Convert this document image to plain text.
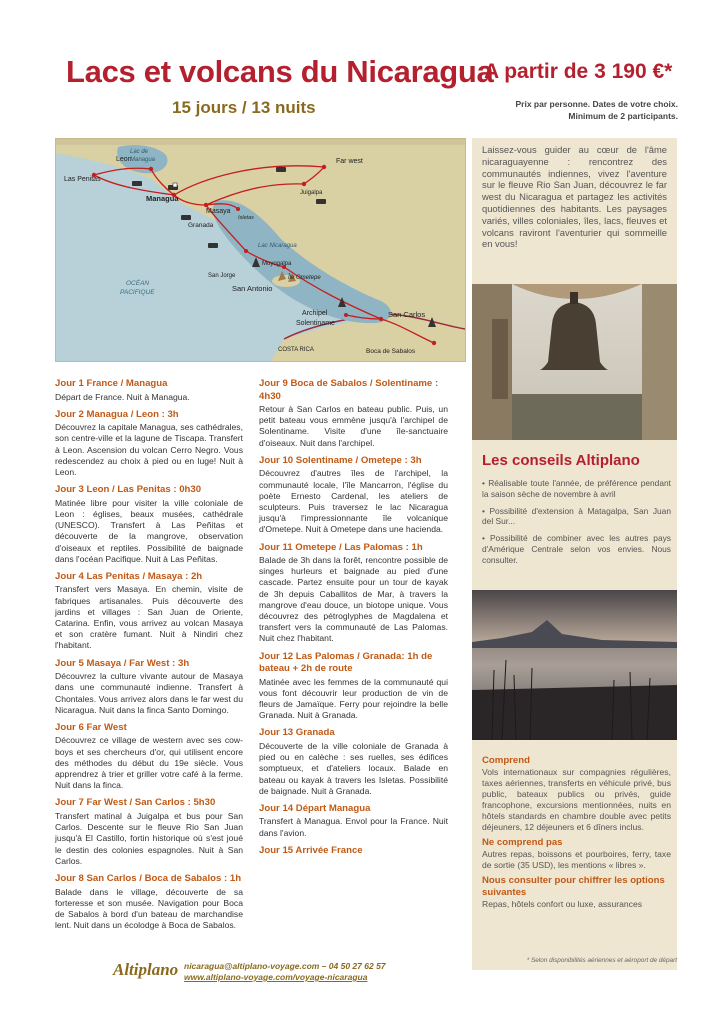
Lacs et volcans du Nicaragua
15 jours / 13 nuits
A partir de 3 190 €*
Prix par personne. Dates de votre choix.
Minimum de 2 participants.
Leon
Lac de
Managua	Far west
Las Penitas
Managua
Juigalpa
Masaya
Isletas
Granada
Lac Nicaragua
Moyogalpa
Île Ometepe
San Jorge
San Antonio
OCÉAN
PACIFIQUE
Archipel
Solentiname
San Carlos
COSTA RICA	Boca de Sabalos
Jour 1 France / Managua
Départ de France. Nuit à Managua.
Jour 2 Managua / Leon : 3h
Découvrez la capitale Managua, ses cathédrales, son centre-ville et la lagune de Tiscapa. Transfert à Leon. Ascension du volcan Cerro Negro. Vous redescendez au choix à pied ou en luge! Nuit à Leon.
Jour 3 Leon / Las Penitas : 0h30
Matinée libre pour visiter la ville coloniale de Leon : églises, beaux musées, cathédrale (UNESCO). Transfert à Las Peñitas et découverte de la mangrove, observation d'oiseaux et reptiles. Possibilité de baignade dans l'océan Pacifique. Nuit à Las Peñitas.
Jour 4 Las Penitas / Masaya : 2h
Transfert vers Masaya. En chemin, visite de fabriques artisanales. Puis découverte des jardins et villages : San Juan de Oriente, Catarina. Enfin, vous arrivez au volcan Masaya et son cratère fumant. Nuit à Nindiri chez l'habitant.
Jour 5 Masaya / Far West : 3h
Découvrez la culture vivante autour de Masaya dans une communauté indienne. Transfert à Chontales. Vous arrivez alors dans le far west du Nicaragua. Nuit dans la finca Santo Domingo.
Jour 6 Far West
Découvrez ce village de western avec ses cow-boys et ses chercheurs d'or, qui utilisent encore des méthodes du début du 19e siècle. Vous apprendrez à trier et griller votre café à la ferme. Nuit dans la finca.
Jour 7 Far West / San Carlos : 5h30
Transfert matinal à Juigalpa et bus pour San Carlos. Descente sur le fleuve Rio San Juan jusqu'à El Castillo, fortin historique où s'est joué le destin des colonies espagnoles. Nuit à San Carlos.
Jour 8 San Carlos / Boca de Sabalos : 1h
Balade dans le village, découverte de sa forteresse et son musée. Navigation pour Boca de Sabalos à bord d'un bateau de marchandise lent. Nuit dans un écolodge à Boca de Sabalos.
Jour 9 Boca de Sabalos / Solentiname : 4h30
Retour à San Carlos en bateau public. Puis, un petit bateau vous emmène jusqu'à l'archipel de Solentiname. Visite d'une île-sanctuaire d'oiseaux. Nuit dans l'archipel.
Jour 10 Solentiname / Ometepe : 3h
Découvrez d'autres îles de l'archipel, la communauté locale, l'île Mancarron, l'église du poète Ernesto Cardenal, les ateliers de sculpteurs. Puis traversez le lac Nicaragua jusqu'à l'impressionnante île volcanique d'Ometepe. Nuit à Ometepe dans une hacienda.
Jour 11 Ometepe / Las Palomas : 1h
Balade de 3h dans la forêt, rencontre possible de singes hurleurs et baignade au pied d'une cascade. Partez ensuite pour un tour de kayak de 3h depuis Caballitos de Mar, à travers la mangrove d'eau douce, un biotope unique. Vous découvrez des pétroglyphes de Magdalena et transfert vers la communauté de Las Palomas. Nuit chez l'habitant.
Jour 12 Las Palomas / Granada: 1h de bateau + 2h de route
Matinée avec les femmes de la communauté qui vous font découvrir leur production de vin de fleurs de Jamaïque. Ferry pour rejoindre la belle Granada. Nuit à Granada.
Jour 13 Granada
Découverte de la ville coloniale de Granada à pied ou en calèche : ses ruelles, ses édifices somptueux, et d'ateliers locaux. Balade en bateau ou kayak à travers les Isletas. Possibilité de baignade. Nuit à Granada.
Jour 14 Départ Managua
Transfert à Managua. Envol pour la France. Nuit dans l'avion.
Jour 15 Arrivée France
Laissez-vous guider au cœur de l'âme nicaraguayenne : rencontrez des communautés indiennes, vivez l'aventure sur le fleuve Rio San Juan, découvrez le far west du Nicaragua et partagez les activités quotidiennes des habitants. Les paysages variés, villes coloniales, îles, lacs, fleuves et volcans raviront l'aventurier qui sommeille en vous!
Les conseils Altiplano
• Réalisable toute l'année, de préférence pendant la saison sèche de novembre à avril
• Possibilité d'extension à Matagalpa, San Juan del Sur...
• Possibilité de combiner avec les autres pays d'Amérique Centrale selon vos envies. Nous consulter.
Comprend
Vols internationaux sur compagnies régulières, taxes aériennes, transferts en véhicule privé, bus public, bateaux publics ou privés, guide francophone, excursions mentionnées, nuits en hôtels standards en chambre double avec petits déjeuners, 12 déjeuners et 6 dîners inclus.
Ne comprend pas
Autres repas, boissons et pourboires, ferry, taxe de sortie (35 USD), les mentions « libres ».
Nous consulter pour chiffrer les options suivantes
Repas, hôtels confort ou luxe, assurances
* Selon disponibilités aériennes et aéroport de départ
Altiplano nicaragua@altiplano-voyage.com – 04 50 27 62 57
www.altiplano-voyage.com/voyage-nicaragua
